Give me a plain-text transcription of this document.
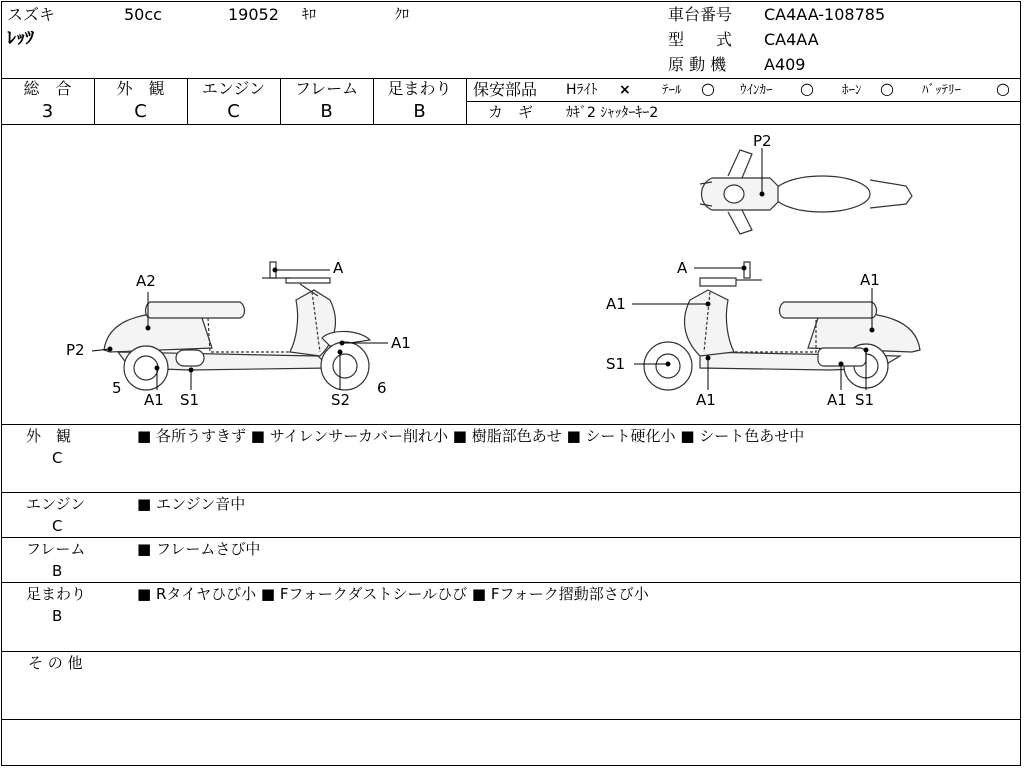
スズキ	50cc	19052 ｷﾛ	ｸﾛ
ﾚｯﾂ
車台番号 CA4AA-108785
型　　式 CA4AA
原 動 機 A409
総　合
3
外　観
C
エンジン
C
フレーム
B
足まわり
B
保安部品 Hﾗｲﾄ × ﾃｰﾙ ○ ｳｲﾝｶｰ ○ ﾎｰﾝ ○ ﾊﾞｯﾃﾘｰ ○
カ　ギ ｶｷﾞ2 ｼｬｯﾀｰｷｰ2
A
A2
P2	A1
5
A1 S1	S2
6
A
A1
A1
S1
A1	A1 S1
P2
外　観
C
■ 各所うすきず ■ サイレンサーカバー削れ小 ■ 樹脂部色あせ ■ シート硬化小 ■ シート色あせ中
エンジン
C
■ エンジン音中
フレーム
B
■ フレームさび中
足まわり
B
■ Rタイヤひび小 ■ Fフォークダストシールひび ■ Fフォーク摺動部さび小
そ の 他
